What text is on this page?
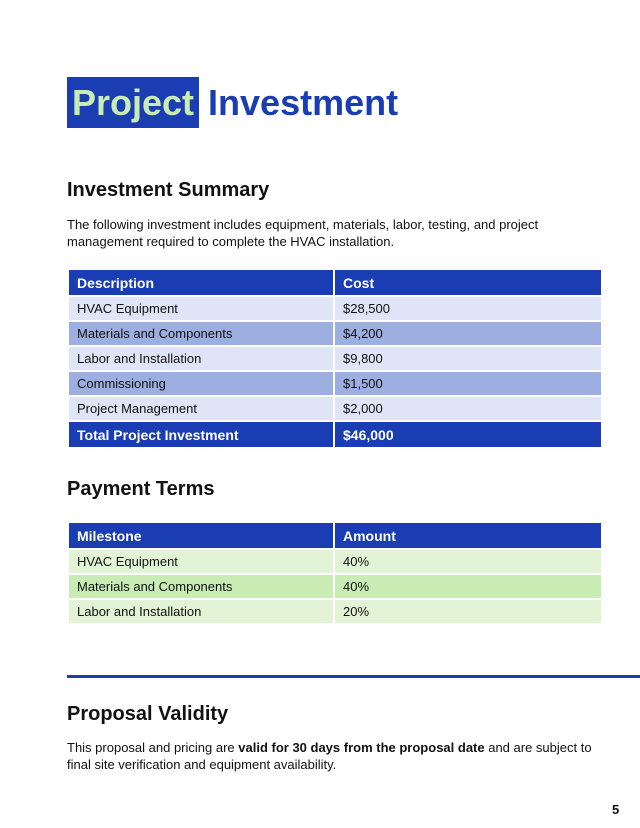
Project Investment
Investment Summary

The following investment includes equipment, materials, labor, testing, and project management required to complete the HVAC installation.

Description	Cost
HVAC Equipment	$28,500
Materials and Components	$4,200
Labor and Installation	$9,800
Commissioning	$1,500
Project Management	$2,000
Total Project Investment	$46,000
Payment Terms
Milestone	Amount
HVAC Equipment	40%
Materials and Components	40%
Labor and Installation	20%
Proposal Validity

This proposal and pricing are valid for 30 days from the proposal date and are subject to final site verification and equipment availability.

5
